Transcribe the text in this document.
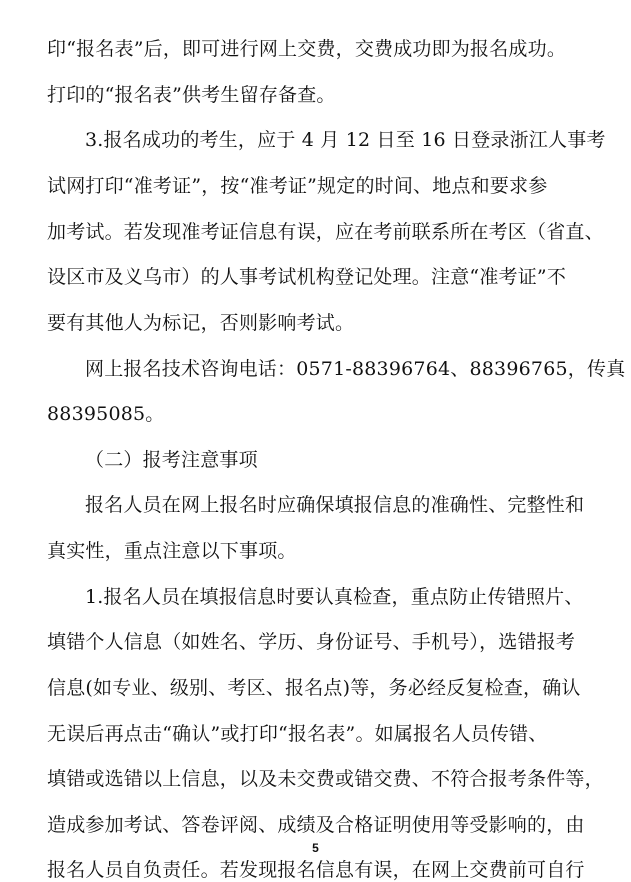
印“报名表”后，即可进行网上交费，交费成功即为报名成功。
打印的“报名表”供考生留存备查。
3.报名成功的考生，应于 4 月 12 日至 16 日登录浙江人事考
试网打印“准考证”，按“准考证”规定的时间、地点和要求参
加考试。若发现准考证信息有误，应在考前联系所在考区（省直、
设区市及义乌市）的人事考试机构登记处理。注意“准考证”不
要有其他人为标记，否则影响考试。
网上报名技术咨询电话：0571-88396764、88396765，传真
88395085。
（二）报考注意事项
报名人员在网上报名时应确保填报信息的准确性、完整性和
真实性，重点注意以下事项。
1.报名人员在填报信息时要认真检查，重点防止传错照片、
填错个人信息（如姓名、学历、身份证号、手机号），选错报考
信息(如专业、级别、考区、报名点)等，务必经反复检查，确认
无误后再点击“确认”或打印“报名表”。如属报名人员传错、
填错或选错以上信息，以及未交费或错交费、不符合报考条件等，
造成参加考试、答卷评阅、成绩及合格证明使用等受影响的，由
报名人员自负责任。若发现报名信息有误，在网上交费前可自行
5
